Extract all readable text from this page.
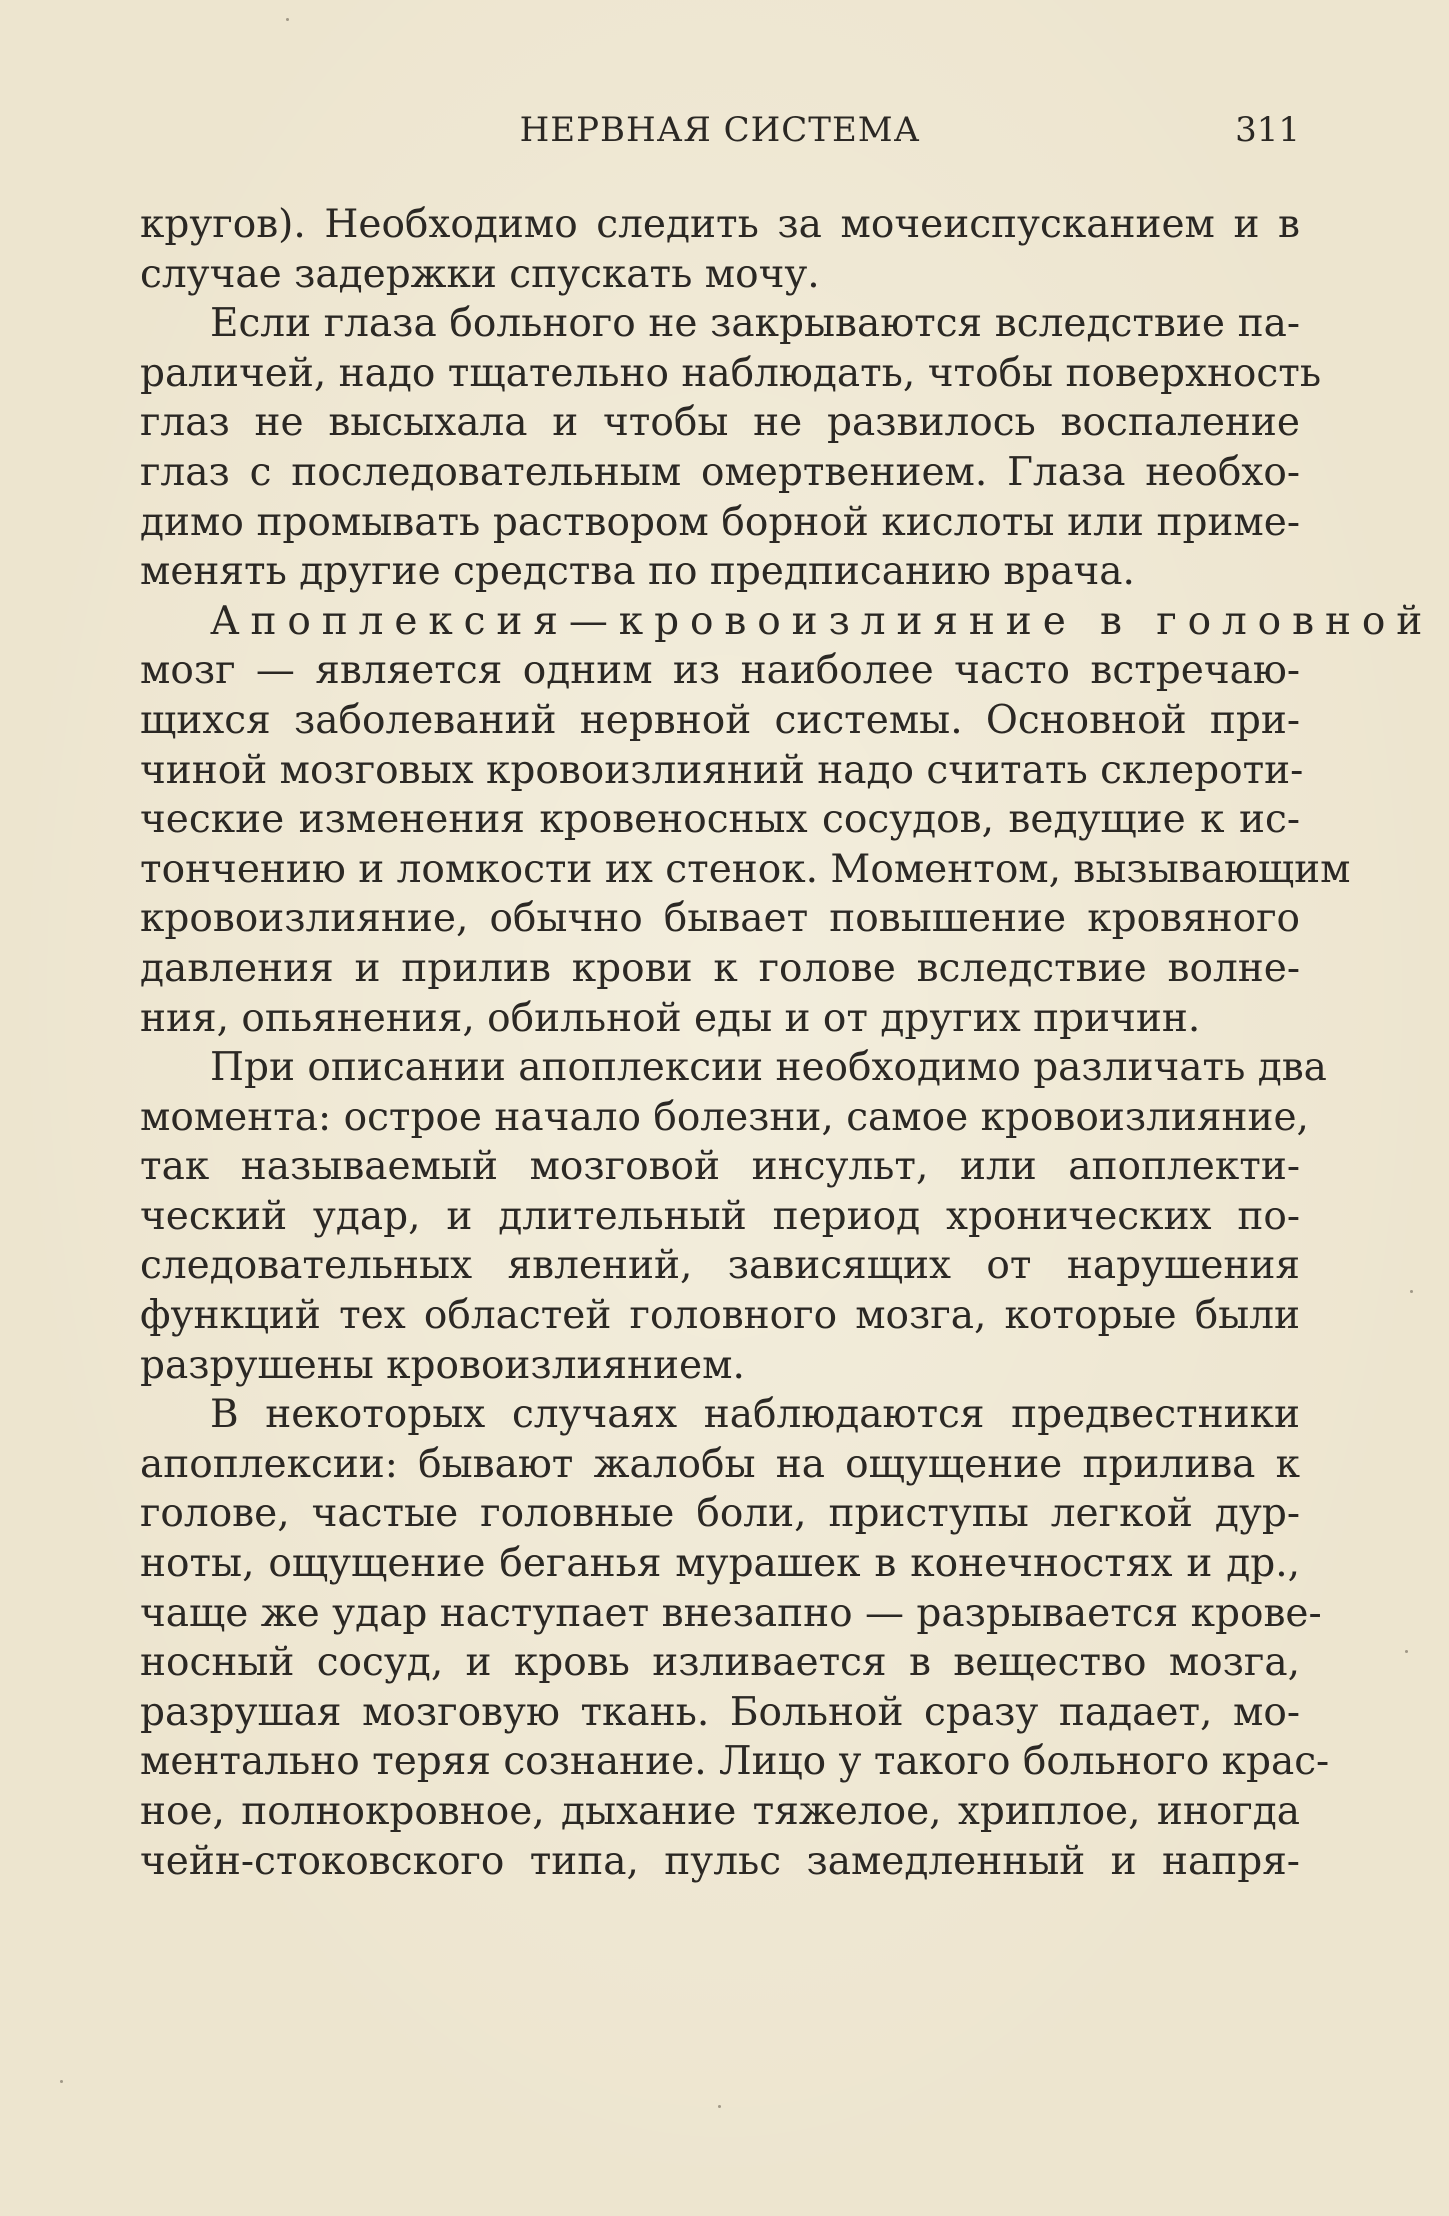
НЕРВНАЯ СИСТЕМА	311
кругов). Необходимо следить за мочеиспусканием и в
случае задержки спускать мочу.
Если глаза больного не закрываются вследствие па-
раличей, надо тщательно наблюдать, чтобы поверхность
глаз не высыхала и чтобы не развилось воспаление
глаз с последовательным омертвением. Глаза необхо-
димо промывать раствором борной кислоты или приме-
менять другие средства по предписанию врача.
Апоплексия—кровоизлияние в головной
мозг — является одним из наиболее часто встречаю-
щихся заболеваний нервной системы. Основной при-
чиной мозговых кровоизлияний надо считать склероти-
ческие изменения кровеносных сосудов, ведущие к ис-
тончению и ломкости их стенок. Моментом, вызывающим
кровоизлияние, обычно бывает повышение кровяного
давления и прилив крови к голове вследствие волне-
ния, опьянения, обильной еды и от других причин.
При описании апоплексии необходимо различать два
момента: острое начало болезни, самое кровоизлияние,
так называемый мозговой инсульт, или апоплекти-
ческий удар, и длительный период хронических по-
следовательных явлений, зависящих от нарушения
функций тех областей головного мозга, которые были
разрушены кровоизлиянием.
В некоторых случаях наблюдаются предвестники
апоплексии: бывают жалобы на ощущение прилива к
голове, частые головные боли, приступы легкой дур-
ноты, ощущение беганья мурашек в конечностях и др.,
чаще же удар наступает внезапно — разрывается крове-
носный сосуд, и кровь изливается в вещество мозга,
разрушая мозговую ткань. Больной сразу падает, мо-
ментально теряя сознание. Лицо у такого больного крас-
ное, полнокровное, дыхание тяжелое, хриплое, иногда
чейн-стоковского типа, пульс замедленный и напря-
